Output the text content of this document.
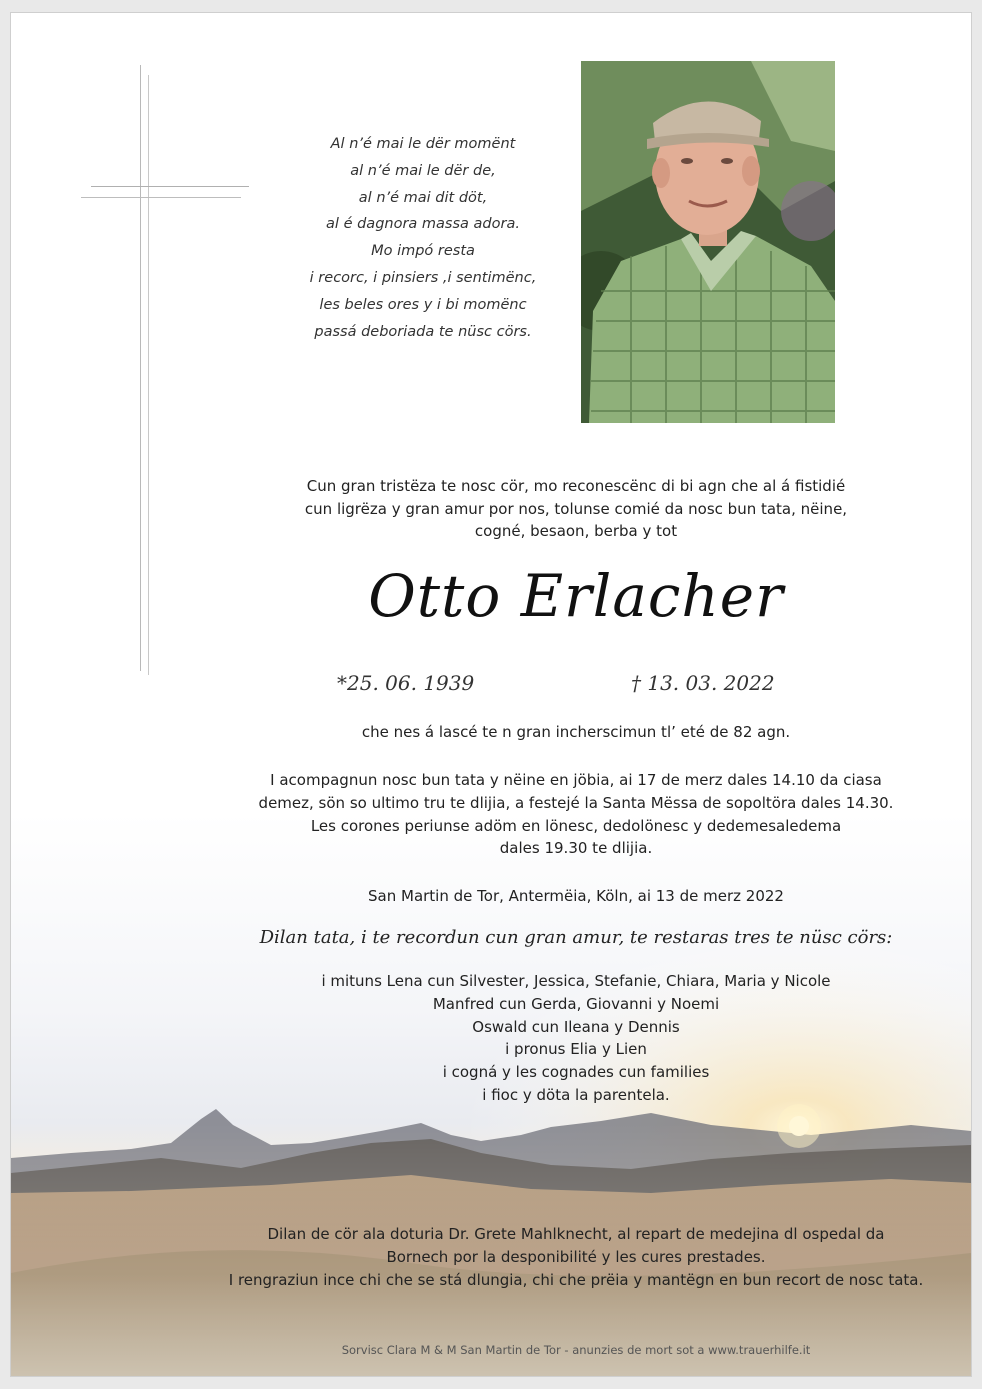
Al n’é mai le dër momënt
al n’é mai le dër de,
al n’é mai dit döt,
al é dagnora massa adora.
Mo impó resta
i recorc, i pinsiers ,i sentimënc,
les beles ores y i bi momënc
passá deboriada te nüsc cörs.
Cun gran tristëza te nosc cör, mo reconescënc di bi agn che al á fistidié
cun ligrëza y gran amur por nos, tolunse comié da nosc bun tata, nëine,
cogné, besaon, berba y tot
Otto Erlacher
*25. 06. 1939	† 13. 03. 2022
che nes á lascé te n gran incherscimun tl’ eté de 82 agn.
I acompagnun nosc bun tata y nëine en jöbia, ai 17 de merz dales 14.10 da ciasa
demez, sön so ultimo tru te dlijia, a festejé la Santa Mëssa de sopoltöra dales 14.30.
Les corones periunse adöm en lönesc, dedolönesc y dedemesaledema
dales 19.30 te dlijia.
San Martin de Tor, Antermëia, Köln, ai 13 de merz 2022
Dilan tata, i te recordun cun gran amur, te restaras tres te nüsc cörs:
i mituns Lena cun Silvester, Jessica, Stefanie, Chiara, Maria y Nicole
Manfred cun Gerda, Giovanni y Noemi
Oswald cun Ileana y Dennis
i pronus Elia y Lien
i cogná y les cognades cun families
i fioc y döta la parentela.
Dilan de cör ala doturia Dr. Grete Mahlknecht, al repart de medejina dl ospedal da
Bornech por la desponibilité y les cures prestades.
I rengraziun ince chi che se stá dlungia, chi che prëia y mantëgn en bun recort de nosc tata.
Sorvisc Clara M & M San Martin de Tor - anunzies de mort sot a www.trauerhilfe.it
